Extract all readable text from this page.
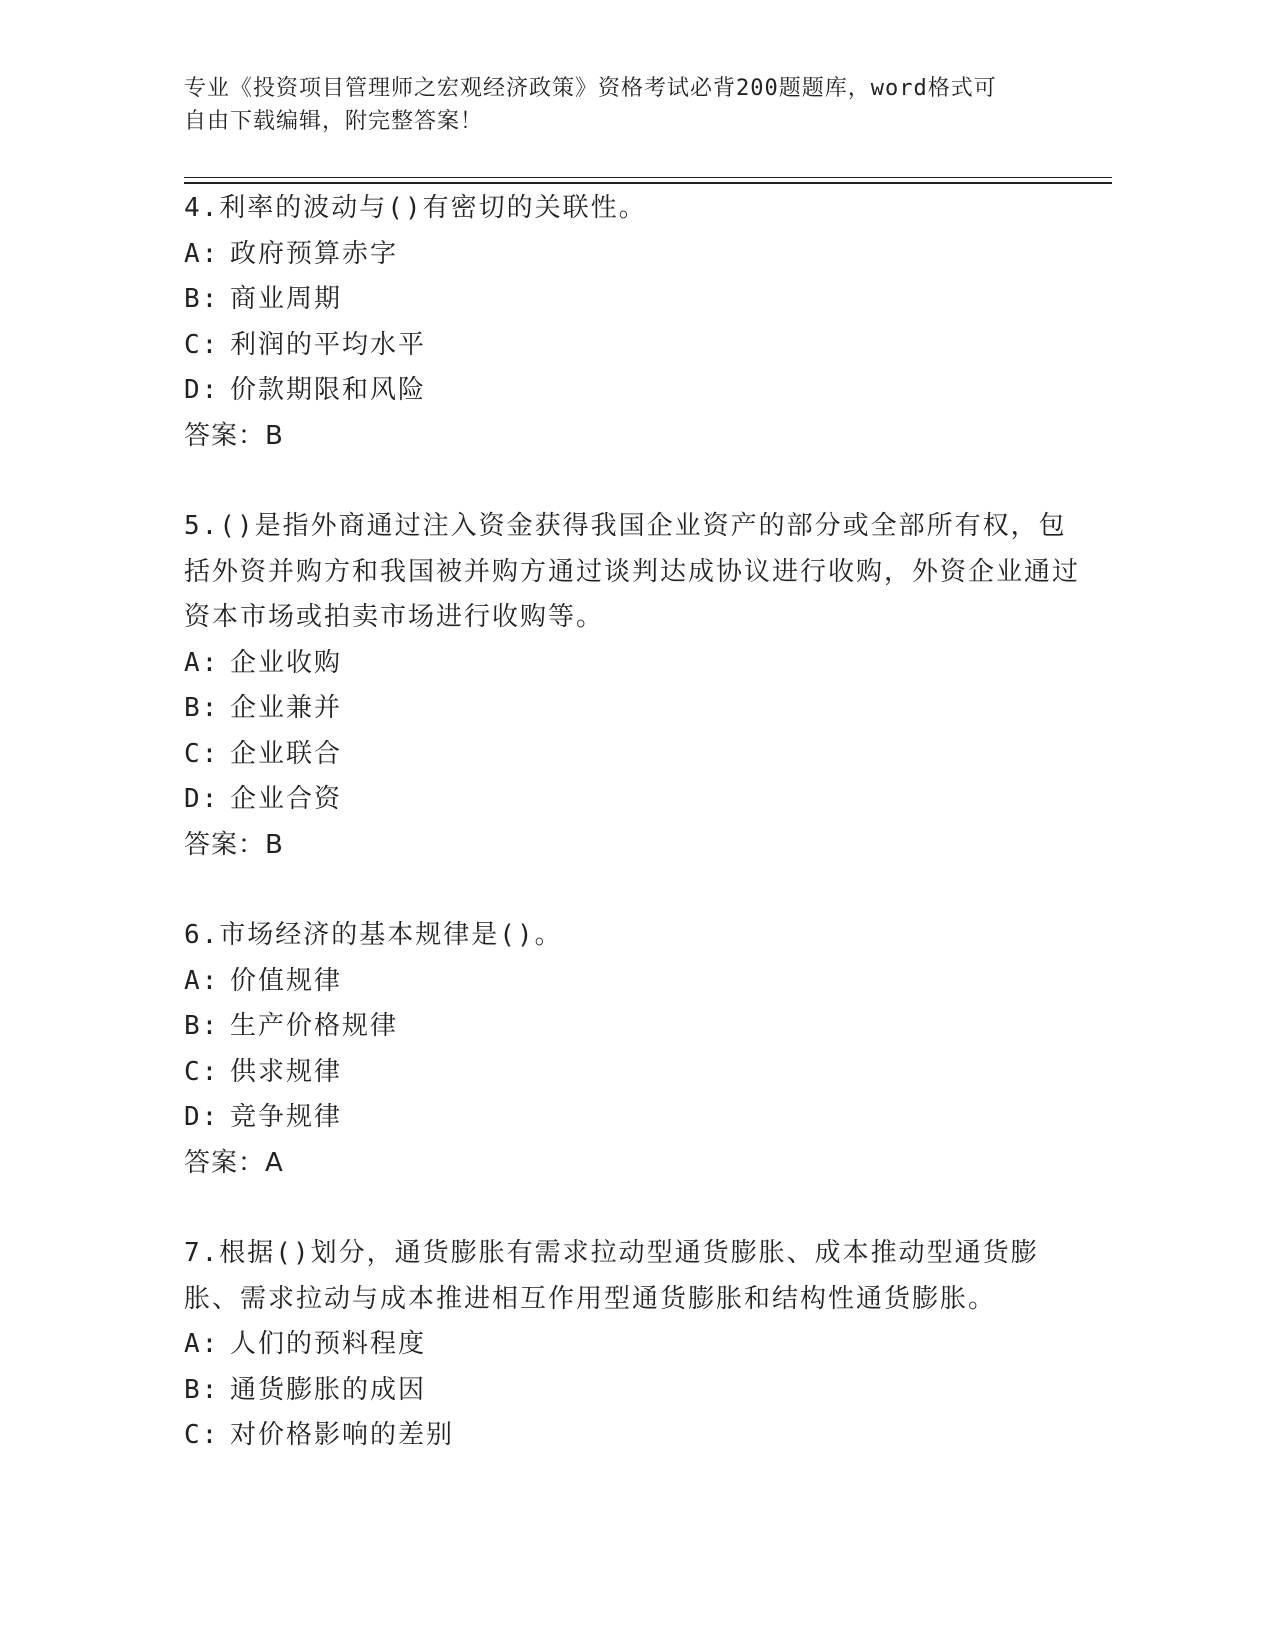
专业《投资项目管理师之宏观经济政策》资格考试必背200题题库，word格式可
自由下载编辑，附完整答案！
4.利率的波动与()有密切的关联性。
A: 政府预算赤字
B: 商业周期
C: 利润的平均水平
D: 价款期限和风险
答案：B
5.()是指外商通过注入资金获得我国企业资产的部分或全部所有权，包括外资并购方和我国被并购方通过谈判达成协议进行收购，外资企业通过资本市场或拍卖市场进行收购等。
A: 企业收购
B: 企业兼并
C: 企业联合
D: 企业合资
答案：B
6.市场经济的基本规律是()。
A: 价值规律
B: 生产价格规律
C: 供求规律
D: 竞争规律
答案：A
7.根据()划分，通货膨胀有需求拉动型通货膨胀、成本推动型通货膨胀、需求拉动与成本推进相互作用型通货膨胀和结构性通货膨胀。
A: 人们的预料程度
B: 通货膨胀的成因
C: 对价格影响的差别
